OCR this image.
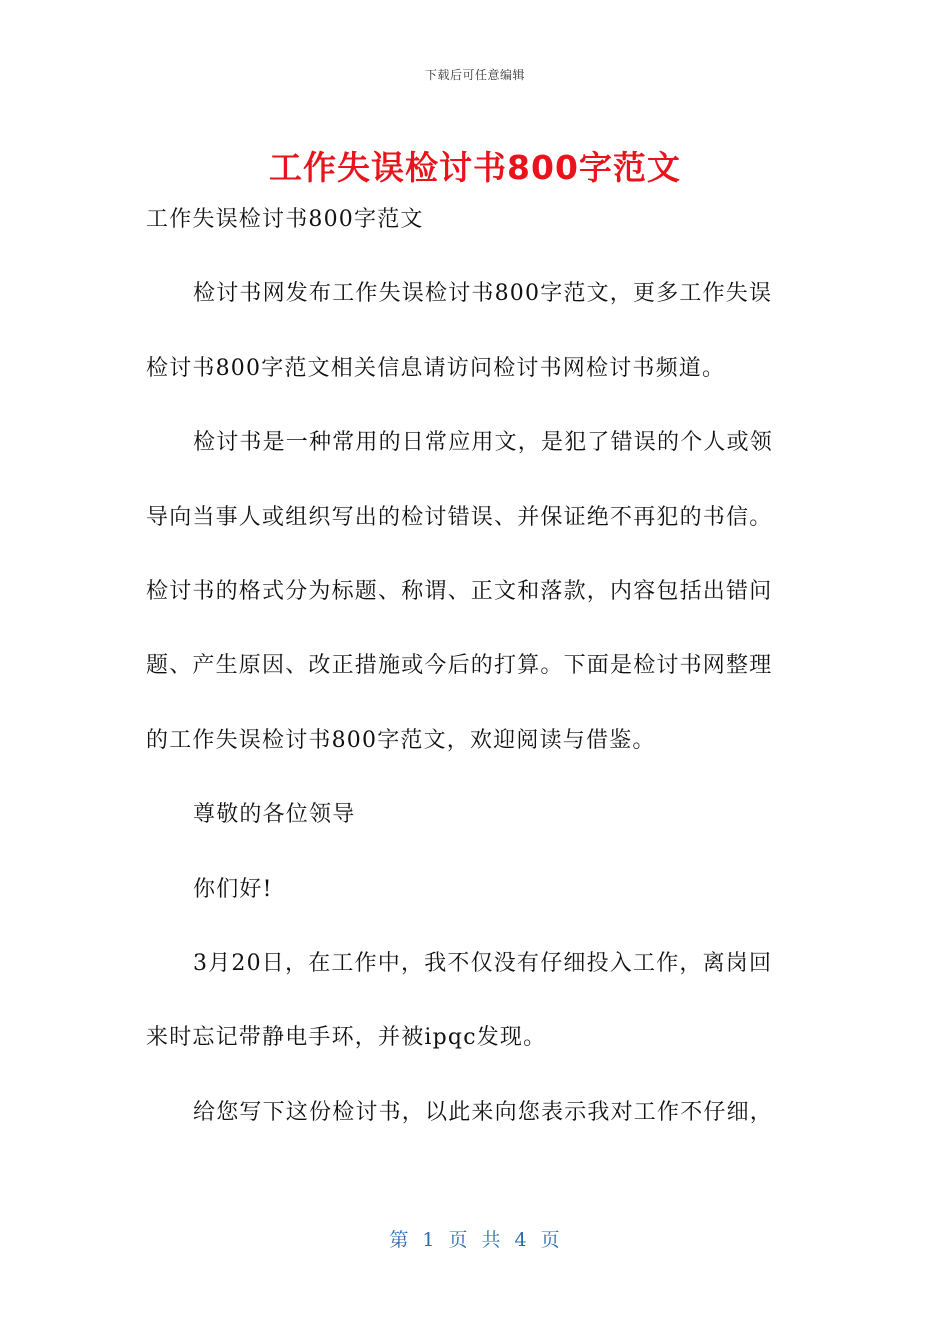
下载后可任意编辑
工作失误检讨书800字范文
工作失误检讨书800字范文
检讨书网发布工作失误检讨书800字范文，更多工作失误
检讨书800字范文相关信息请访问检讨书网检讨书频道。
检讨书是一种常用的日常应用文，是犯了错误的个人或领
导向当事人或组织写出的检讨错误、并保证绝不再犯的书信。
检讨书的格式分为标题、称谓、正文和落款，内容包括出错问
题、产生原因、改正措施或今后的打算。下面是检讨书网整理
的工作失误检讨书800字范文，欢迎阅读与借鉴。
尊敬的各位领导
你们好!
3月20日，在工作中，我不仅没有仔细投入工作，离岗回
来时忘记带静电手环，并被ipqc发现。
给您写下这份检讨书，以此来向您表示我对工作不仔细，
第 1 页 共 4 页
